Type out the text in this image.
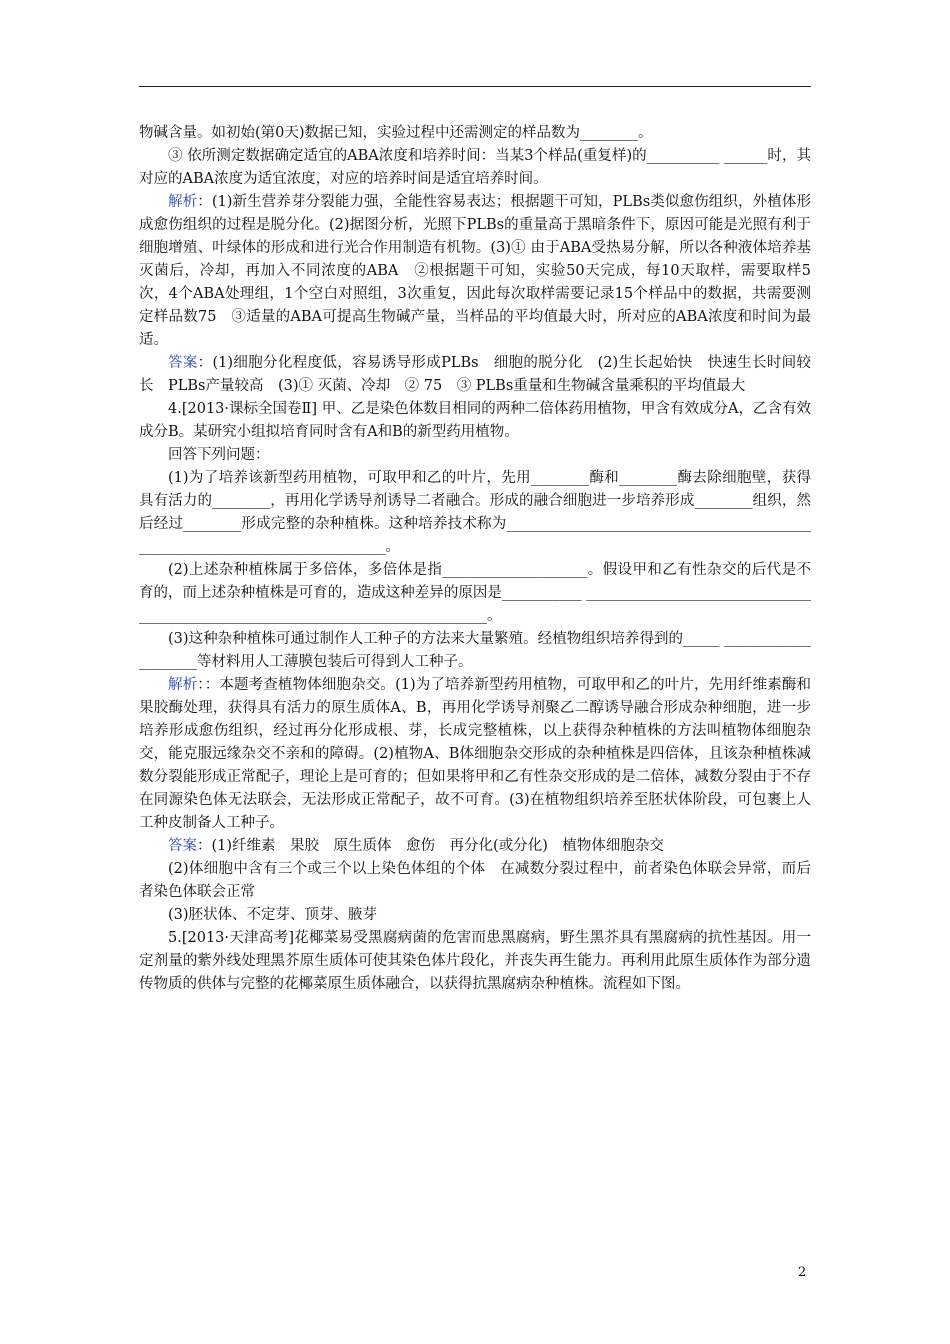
物碱含量。如初始(第0天)数据已知，实验过程中还需测定的样品数为________。

③ 依所测定数据确定适宜的ABA浓度和培养时间：当某3个样品(重复样)的__________ ______时，其对应的ABA浓度为适宜浓度，对应的培养时间是适宜培养时间。

解析：(1)新生营养芽分裂能力强，全能性容易表达；根据题干可知，PLBs类似愈伤组织，外植体形成愈伤组织的过程是脱分化。(2)据图分析，光照下PLBs的重量高于黑暗条件下，原因可能是光照有利于细胞增殖、叶绿体的形成和进行光合作用制造有机物。(3)① 由于ABA受热易分解，所以各种液体培养基灭菌后，冷却，再加入不同浓度的ABA　②根据题干可知，实验50天完成，每10天取样，需要取样5次，4个ABA处理组，1个空白对照组，3次重复，因此每次取样需要记录15个样品中的数据，共需要测定样品数75　③适量的ABA可提高生物碱产量，当样品的平均值最大时，所对应的ABA浓度和时间为最适。

答案：(1)细胞分化程度低，容易诱导形成PLBs　细胞的脱分化　(2)生长起始快　快速生长时间较长　PLBs产量较高　(3)① 灭菌、冷却　② 75　③ PLBs重量和生物碱含量乘积的平均值最大

4.[2013·课标全国卷Ⅱ] 甲、乙是染色体数目相同的两种二倍体药用植物，甲含有效成分A，乙含有效成分B。某研究小组拟培育同时含有A和B的新型药用植物。

回答下列问题：

(1)为了培养该新型药用植物，可取甲和乙的叶片，先用________酶和________酶去除细胞壁，获得具有活力的________，再用化学诱导剂诱导二者融合。形成的融合细胞进一步培养形成________组织，然后经过________形成完整的杂种植株。这种培养技术称为____________________________________________________________________________。

(2)上述杂种植株属于多倍体，多倍体是指____________________。假设甲和乙有性杂交的后代是不育的，而上述杂种植株是可育的，造成这种差异的原因是___________ _______________________________________________________________________________。

(3)这种杂种植株可通过制作人工种子的方法来大量繁殖。经植物组织培养得到的_____ ____________________等材料用人工薄膜包装后可得到人工种子。

解析：：本题考查植物体细胞杂交。(1)为了培养新型药用植物，可取甲和乙的叶片，先用纤维素酶和果胶酶处理，获得具有活力的原生质体A、B，再用化学诱导剂聚乙二醇诱导融合形成杂种细胞，进一步培养形成愈伤组织，经过再分化形成根、芽，长成完整植株，以上获得杂种植株的方法叫植物体细胞杂交，能克服远缘杂交不亲和的障碍。(2)植物A、B体细胞杂交形成的杂种植株是四倍体，且该杂种植株减数分裂能形成正常配子，理论上是可育的；但如果将甲和乙有性杂交形成的是二倍体，减数分裂由于不存在同源染色体无法联会，无法形成正常配子，故不可育。(3)在植物组织培养至胚状体阶段，可包裹上人工种皮制备人工种子。

答案：(1)纤维素　果胶　原生质体　愈伤　再分化(或分化)　植物体细胞杂交

(2)体细胞中含有三个或三个以上染色体组的个体　在减数分裂过程中，前者染色体联会异常，而后者染色体联会正常

(3)胚状体、不定芽、顶芽、腋芽

5.[2013·天津高考]花椰菜易受黑腐病菌的危害而患黑腐病，野生黑芥具有黑腐病的抗性基因。用一定剂量的紫外线处理黑芥原生质体可使其染色体片段化，并丧失再生能力。再利用此原生质体作为部分遗传物质的供体与完整的花椰菜原生质体融合，以获得抗黑腐病杂种植株。流程如下图。

2
